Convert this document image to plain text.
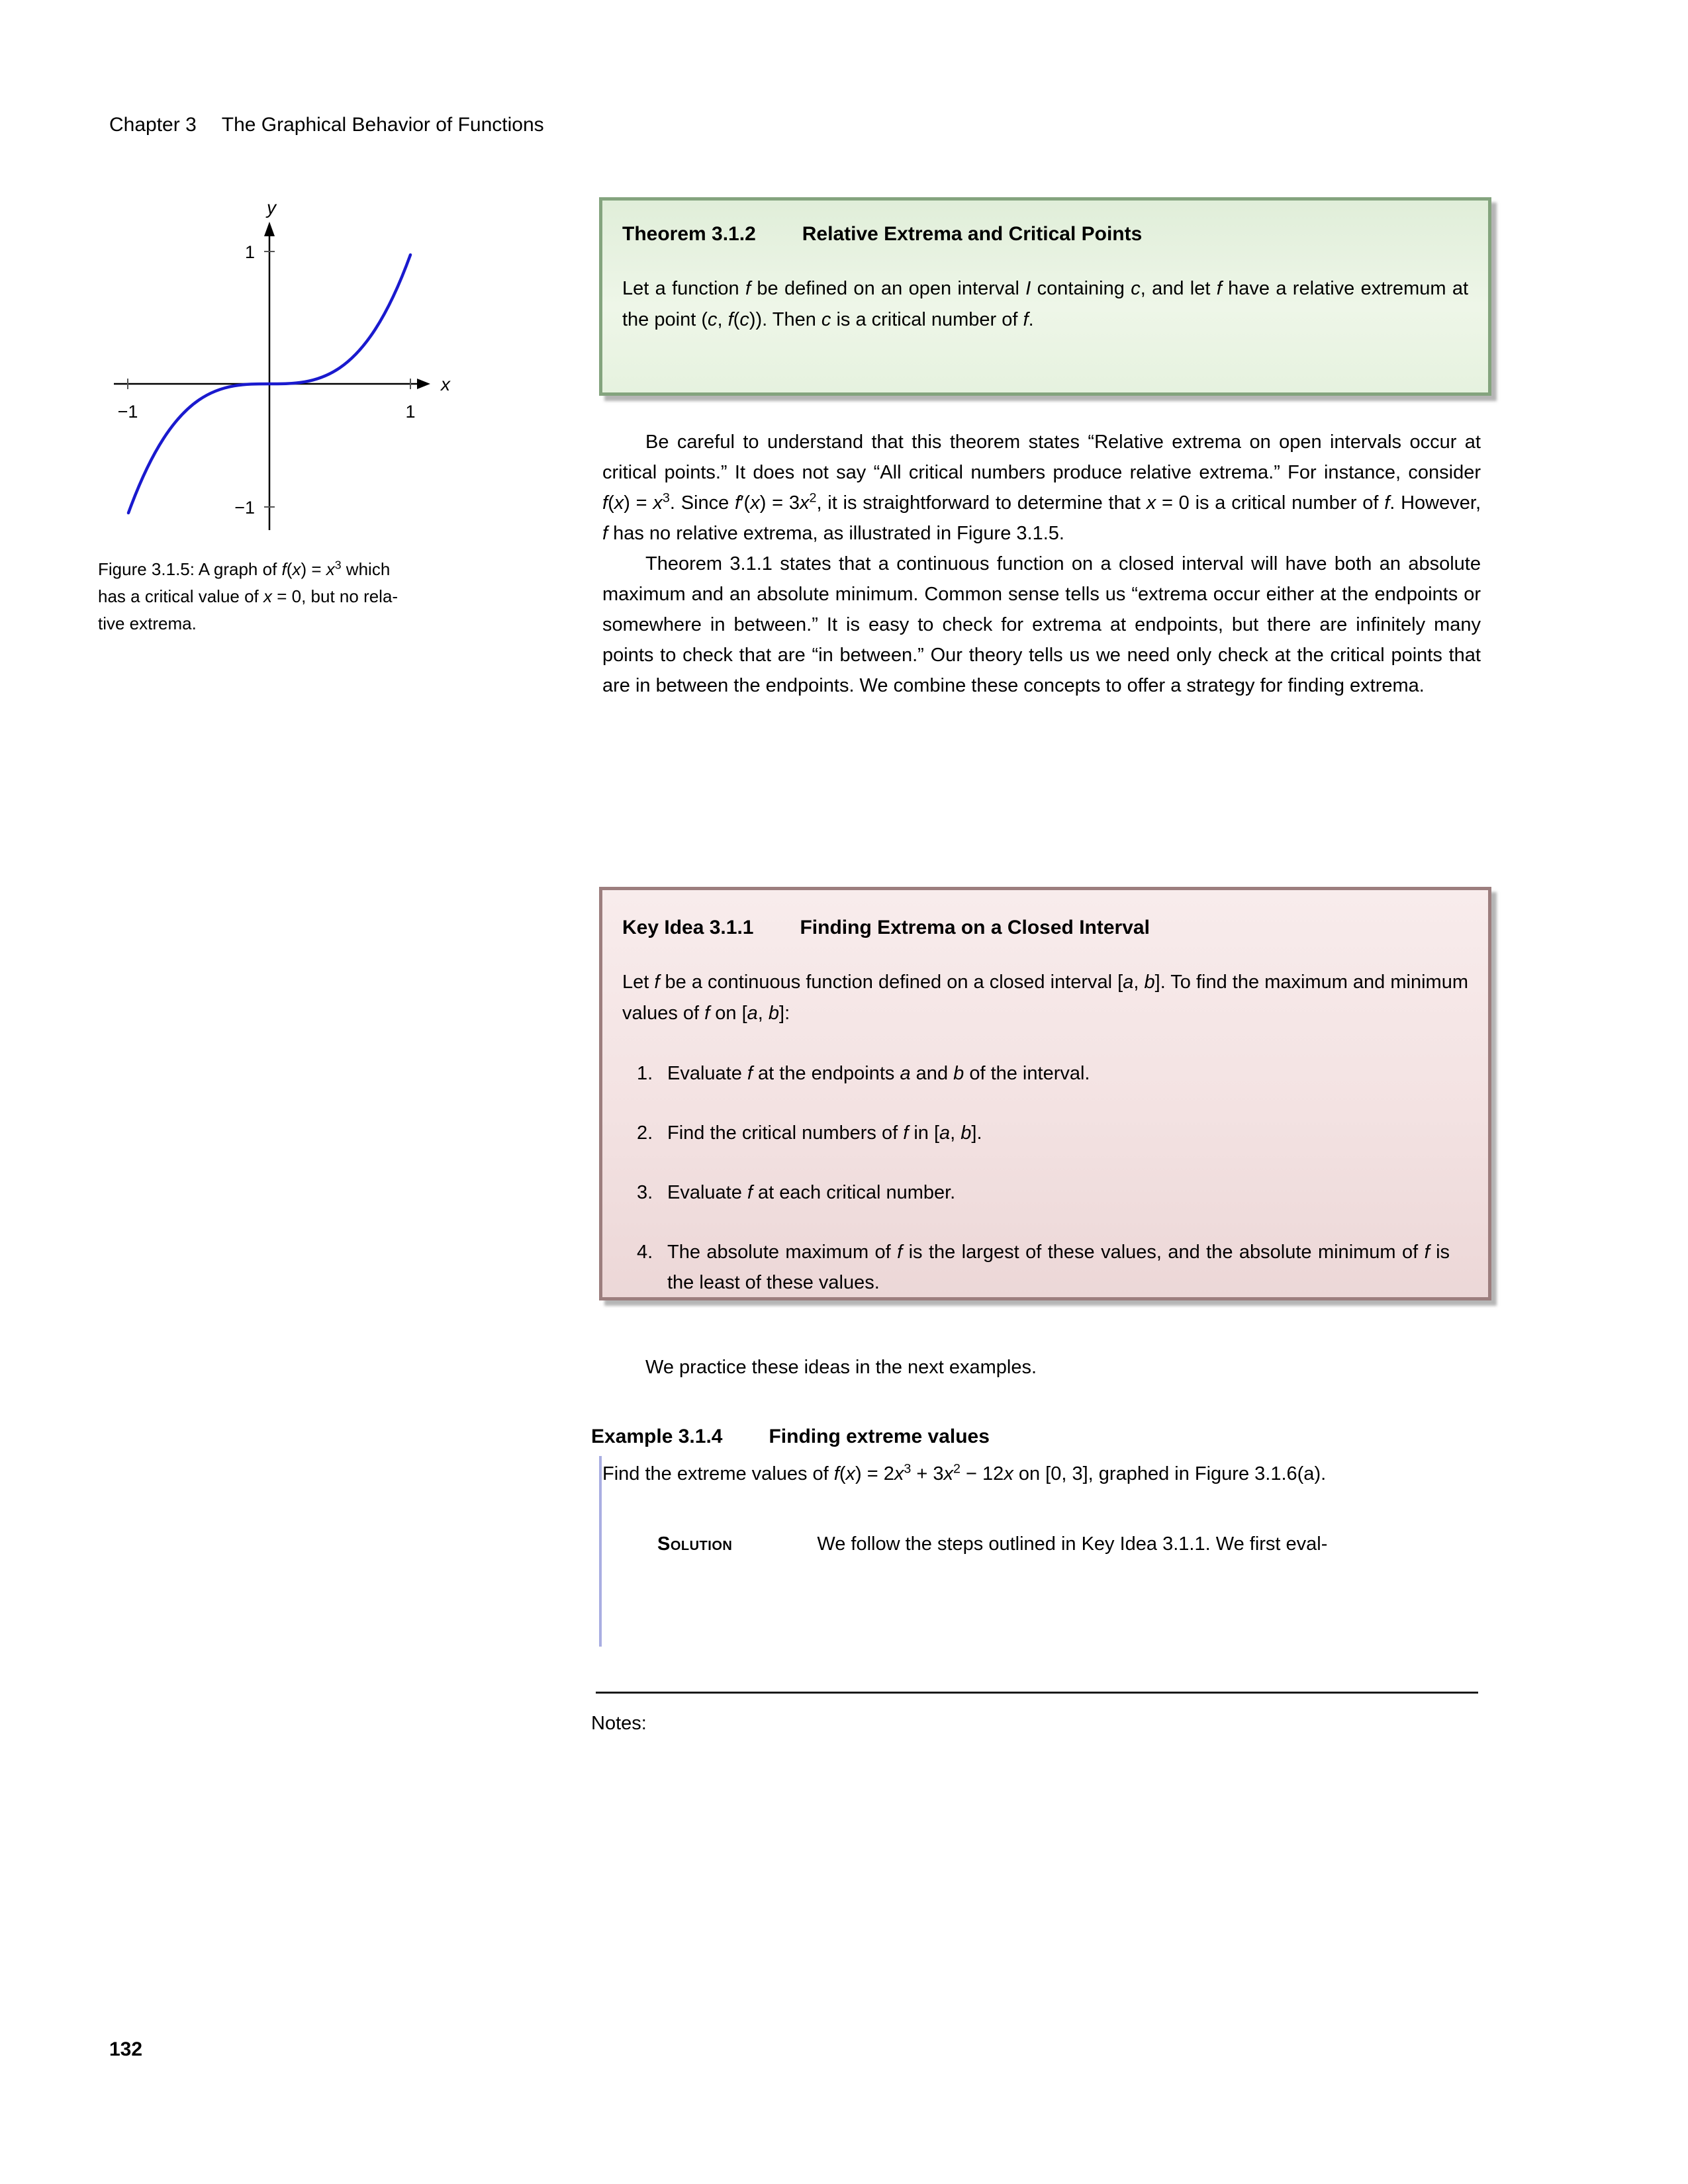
Chapter 3 The Graphical Behavior of Functions
y
x
1
−1
−1	1
Figure 3.1.5: A graph of $f(x) = x^3$ which
has a critical value of x = 0, but no rela-
tive extrema.
Theorem 3.1.2 Relative Extrema and Critical Points
Let a function f be defined on an open interval I containing c, and let f have a relative extremum at the point (c, f(c)). Then c is a critical number of f.
Be careful to understand that this theorem states “Relative extrema on open intervals occur at critical points.” It does not say “All critical numbers produce relative extrema.” For instance, consider $f(x) = x^3$. Since $f'(x) = 3x^2$, it is straightforward to determine that x = 0 is a critical number of f. However, f has no relative extrema, as illustrated in Figure 3.1.5.
Theorem 3.1.1 states that a continuous function on a closed interval will have both an absolute maximum and an absolute minimum. Common sense tells us “extrema occur either at the endpoints or somewhere in between.” It is easy to check for extrema at endpoints, but there are infinitely many points to check that are “in between.” Our theory tells us we need only check at the critical points that are in between the endpoints. We combine these concepts to offer a strategy for finding extrema.
Key Idea 3.1.1 Finding Extrema on a Closed Interval
Let f be a continuous function defined on a closed interval [a, b]. To find the maximum and minimum values of f on [a, b]:
1. Evaluate f at the endpoints a and b of the interval.
2. Find the critical numbers of f in [a, b].
3. Evaluate f at each critical number.
4. The absolute maximum of f is the largest of these values, and the absolute minimum of f is the least of these values.
We practice these ideas in the next examples.
Example 3.1.4 Finding extreme values
Find the extreme values of $f(x) = 2x^3 + 3x^2 - 12x$ on [0, 3], graphed in Figure 3.1.6(a).
Solution	We follow the steps outlined in Key Idea 3.1.1. We first eval-
Notes:
132
